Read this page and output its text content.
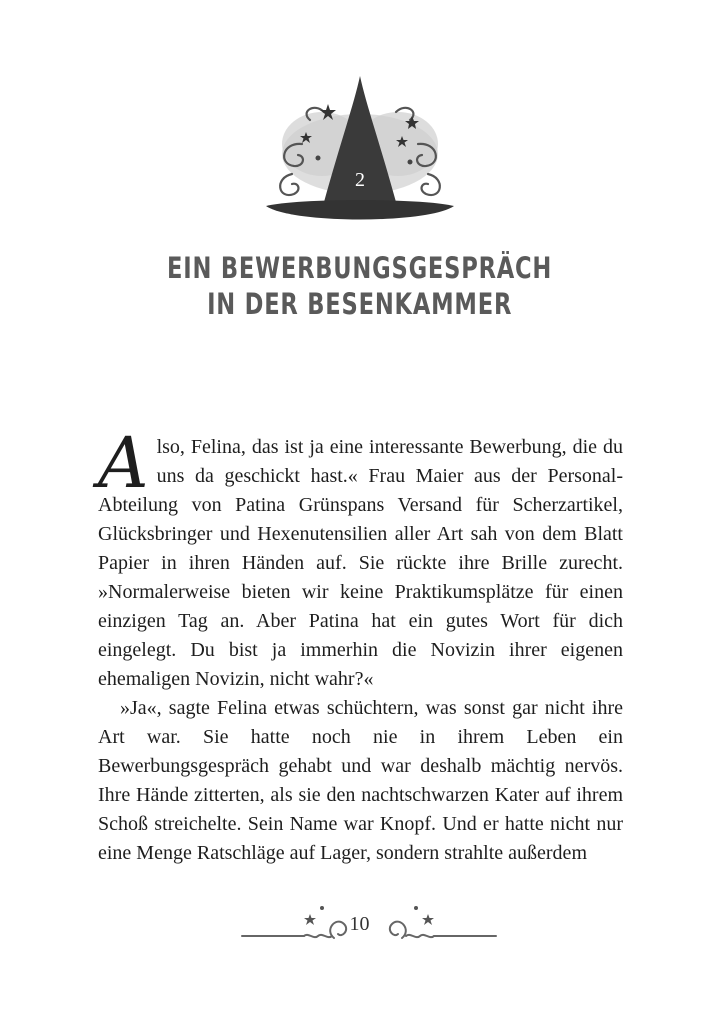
2
EIN BEWERBUNGSGESPRÄCH
IN DER BESENKAMMER

Also, Felina, das ist ja eine interessante Bewerbung, die du uns da geschickt hast.« Frau Maier aus der Personal-Abteilung von Patina Grünspans Versand für Scherzartikel, Glücksbringer und Hexenutensilien aller Art sah von dem Blatt Papier in ihren Händen auf. Sie rückte ihre Brille zurecht. »Normalerweise bieten wir keine Praktikumsplätze für einen einzigen Tag an. Aber Patina hat ein gutes Wort für dich eingelegt. Du bist ja immerhin die Novizin ihrer eigenen ehemaligen Novizin, nicht wahr?«

»Ja«, sagte Felina etwas schüchtern, was sonst gar nicht ihre Art war. Sie hatte noch nie in ihrem Leben ein Bewerbungsgespräch gehabt und war deshalb mächtig nervös. Ihre Hände zitterten, als sie den nachtschwarzen Kater auf ihrem Schoß streichelte. Sein Name war Knopf. Und er hatte nicht nur eine Menge Ratschläge auf Lager, sondern strahlte außerdem

10
